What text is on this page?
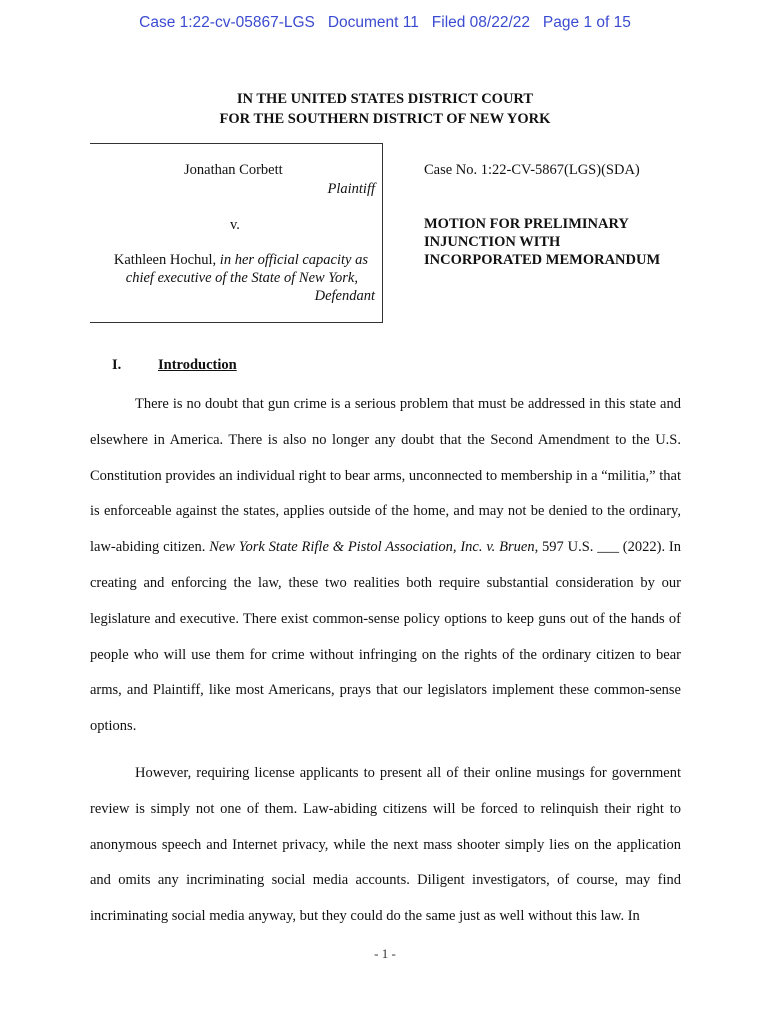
Case 1:22-cv-05867-LGS   Document 11   Filed 08/22/22   Page 1 of 15
IN THE UNITED STATES DISTRICT COURT
FOR THE SOUTHERN DISTRICT OF NEW YORK
Jonathan Corbett
Plaintiff
v.
Kathleen Hochul, in her official capacity as
chief executive of the State of New York,
Defendant
Case No. 1:22-CV-5867(LGS)(SDA)
MOTION FOR PRELIMINARY
INJUNCTION WITH
INCORPORATED MEMORANDUM
I.	Introduction
There is no doubt that gun crime is a serious problem that must be addressed in this state and elsewhere in America. There is also no longer any doubt that the Second Amendment to the U.S. Constitution provides an individual right to bear arms, unconnected to membership in a “militia,” that is enforceable against the states, applies outside of the home, and may not be denied to the ordinary, law-abiding citizen. New York State Rifle & Pistol Association, Inc. v. Bruen, 597 U.S. ___ (2022). In creating and enforcing the law, these two realities both require substantial consideration by our legislature and executive. There exist common-sense policy options to keep guns out of the hands of people who will use them for crime without infringing on the rights of the ordinary citizen to bear arms, and Plaintiff, like most Americans, prays that our legislators implement these common-sense options.
However, requiring license applicants to present all of their online musings for government review is simply not one of them. Law-abiding citizens will be forced to relinquish their right to anonymous speech and Internet privacy, while the next mass shooter simply lies on the application and omits any incriminating social media accounts. Diligent investigators, of course, may find incriminating social media anyway, but they could do the same just as well without this law. In
- 1 -
